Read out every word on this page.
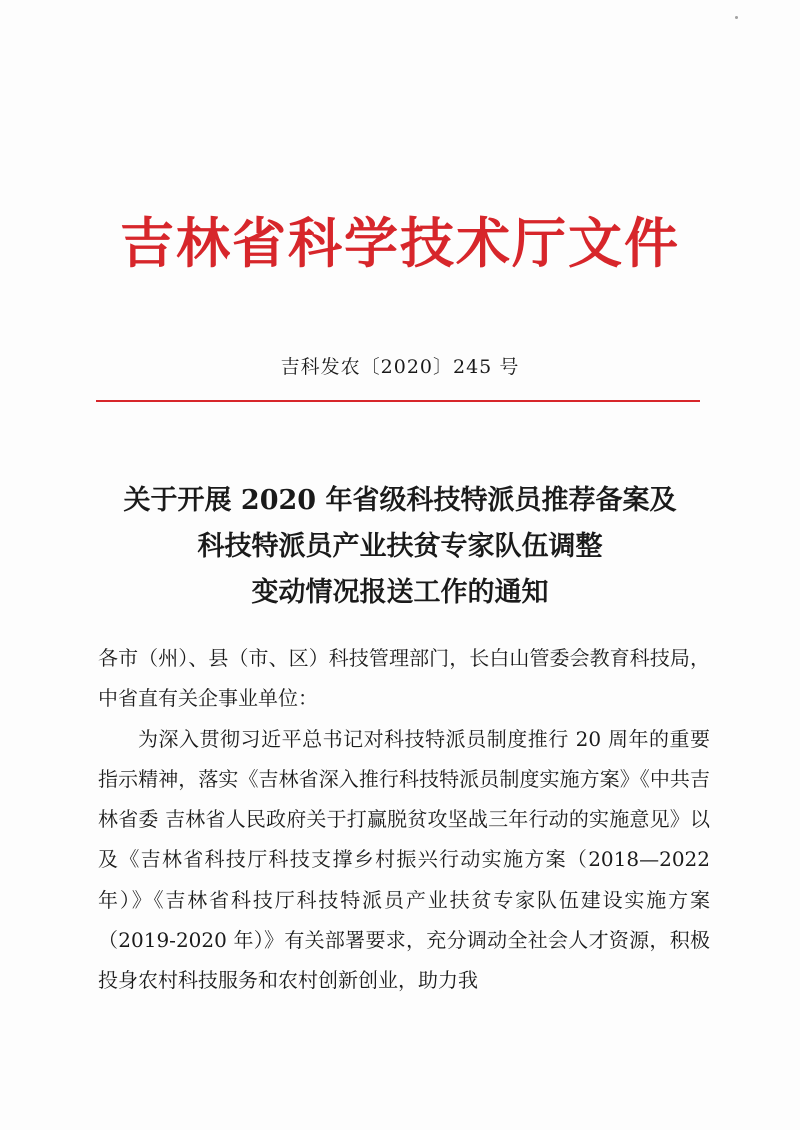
吉林省科学技术厅文件
吉科发农〔2020〕245 号
关于开展 2020 年省级科技特派员推荐备案及
科技特派员产业扶贫专家队伍调整
变动情况报送工作的通知

各市（州）、县（市、区）科技管理部门，长白山管委会教育科技局，中省直有关企事业单位：

为深入贯彻习近平总书记对科技特派员制度推行 20 周年的重要指示精神，落实《吉林省深入推行科技特派员制度实施方案》《中共吉林省委 吉林省人民政府关于打赢脱贫攻坚战三年行动的实施意见》以及《吉林省科技厅科技支撑乡村振兴行动实施方案（2018—2022 年）》《吉林省科技厅科技特派员产业扶贫专家队伍建设实施方案（2019-2020 年）》有关部署要求，充分调动全社会人才资源，积极投身农村科技服务和农村创新创业，助力我
